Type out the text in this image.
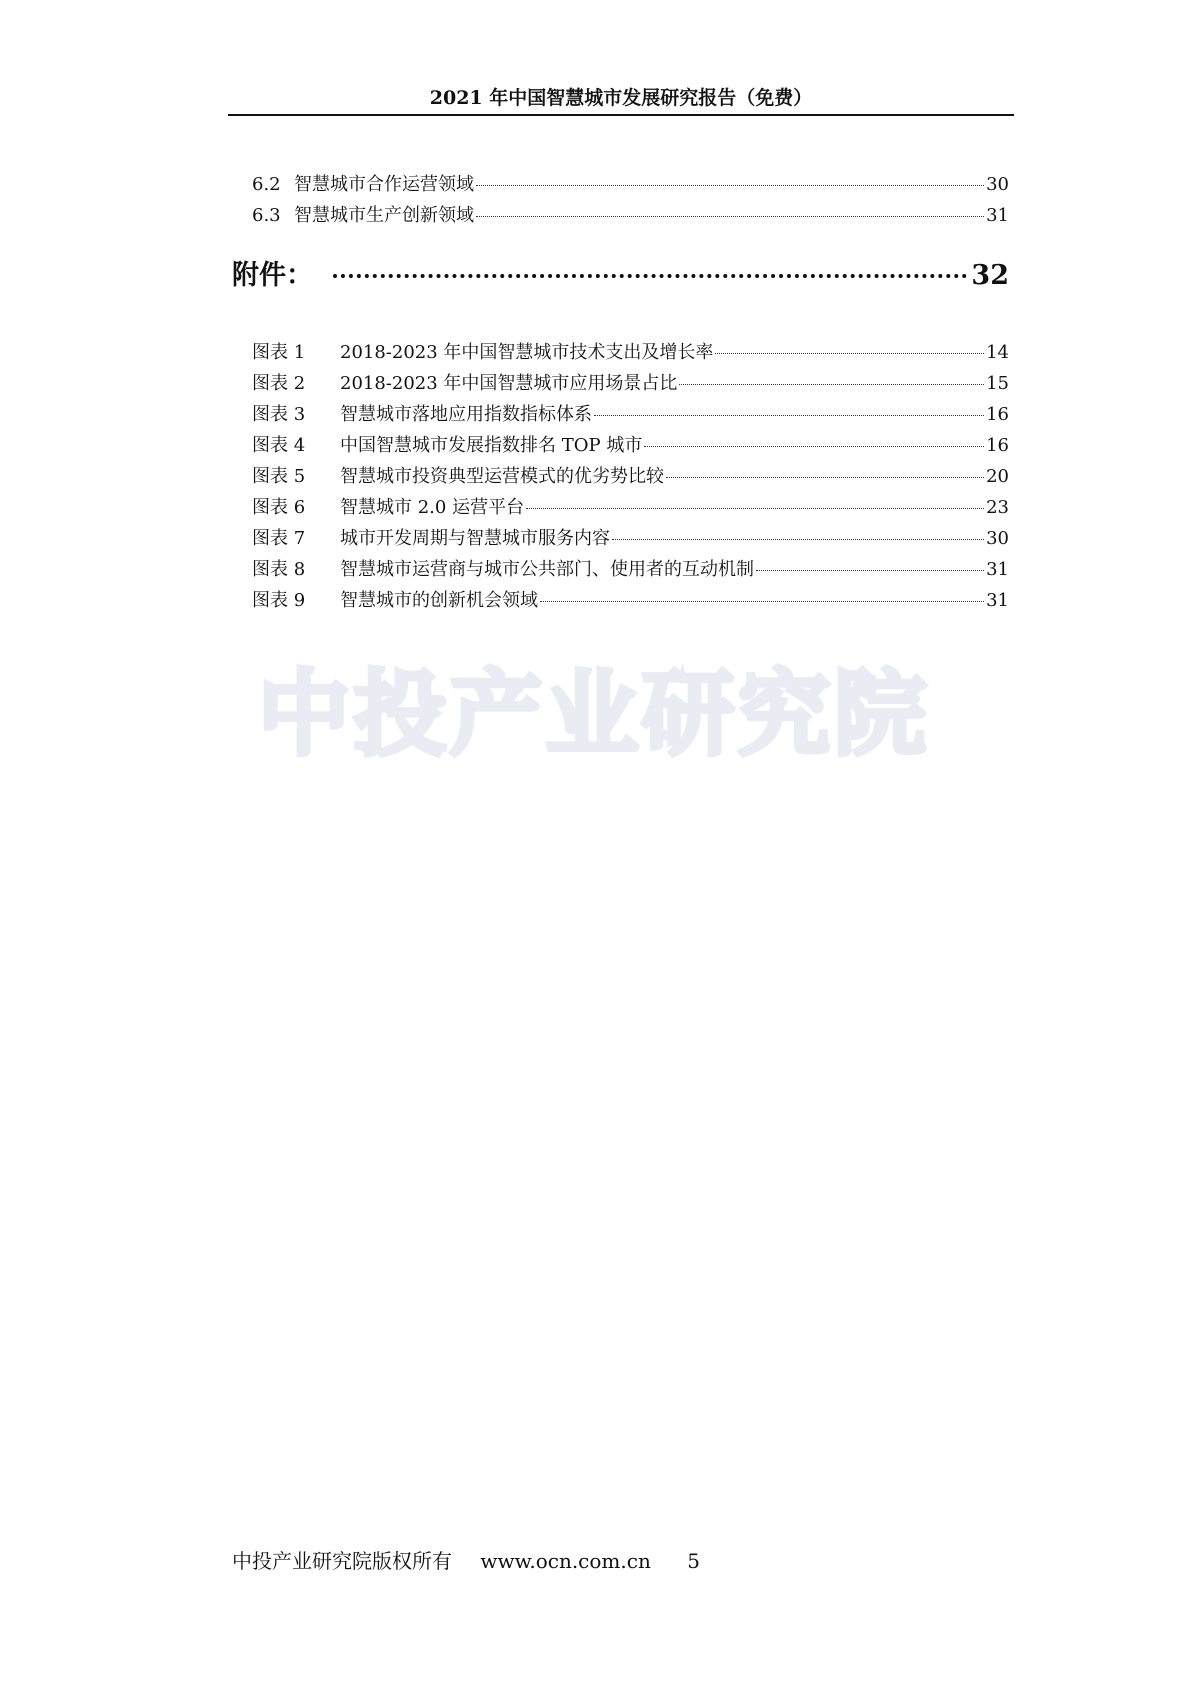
2021 年中国智慧城市发展研究报告（免费）
6.2 智慧城市合作运营领域	30
6.3 智慧城市生产创新领域	31
附件：	32
图表 1	2018-2023 年中国智慧城市技术支出及增长率	14
图表 2	2018-2023 年中国智慧城市应用场景占比	15
图表 3	智慧城市落地应用指数指标体系	16
图表 4	中国智慧城市发展指数排名 TOP 城市	16
图表 5	智慧城市投资典型运营模式的优劣势比较	20
图表 6	智慧城市 2.0 运营平台	23
图表 7	城市开发周期与智慧城市服务内容	30
图表 8	智慧城市运营商与城市公共部门、使用者的互动机制	31
图表 9	智慧城市的创新机会领域	31
中投产业研究院
中投产业研究院版权所有 www.ocn.com.cn 5
